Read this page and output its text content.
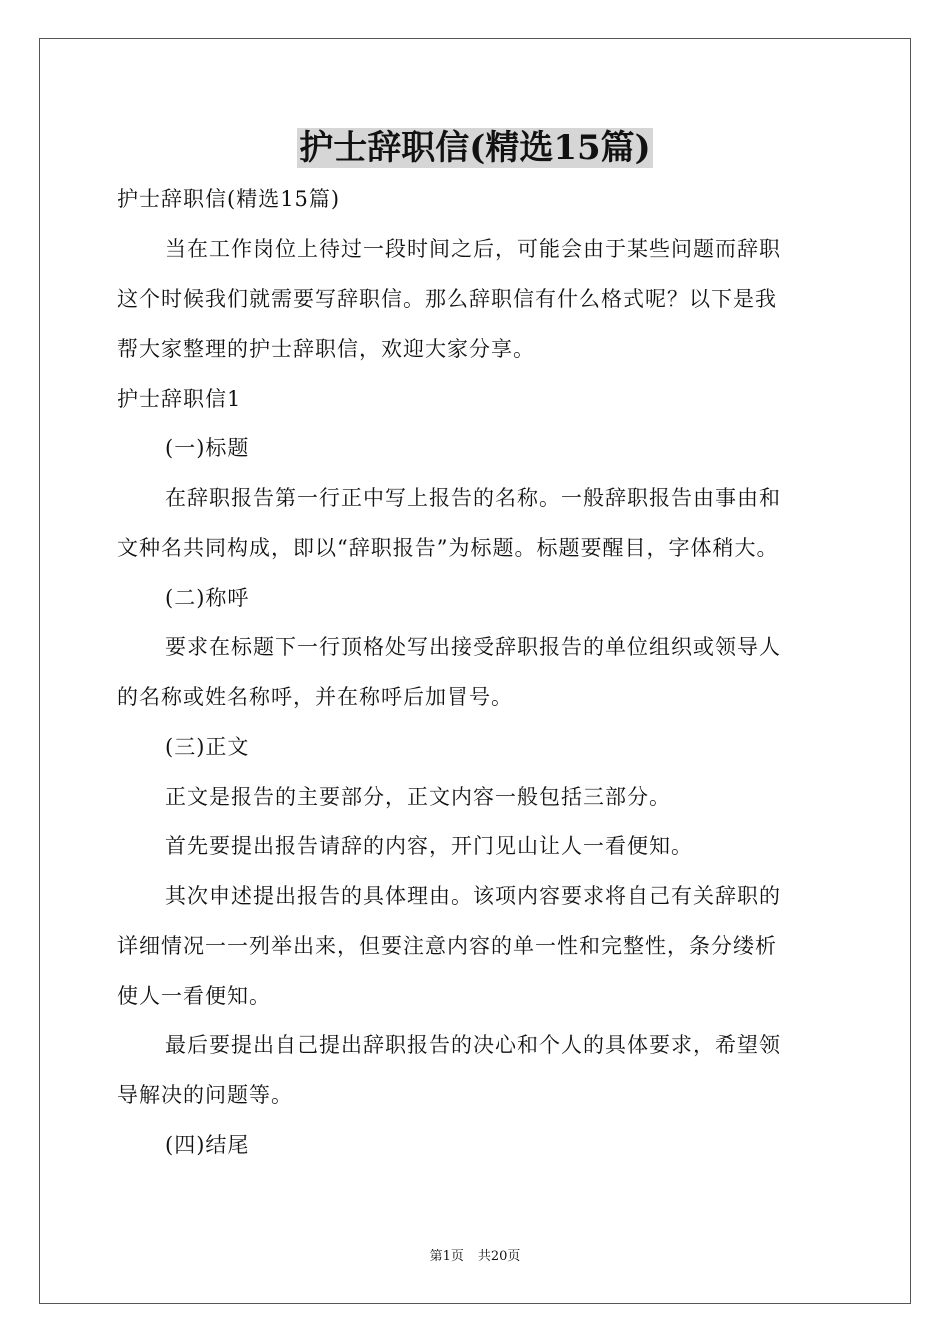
护士辞职信(精选15篇)

护士辞职信(精选15篇)

当在工作岗位上待过一段时间之后，可能会由于某些问题而辞职

这个时候我们就需要写辞职信。那么辞职信有什么格式呢？以下是我

帮大家整理的护士辞职信，欢迎大家分享。

护士辞职信1

(一)标题

在辞职报告第一行正中写上报告的名称。一般辞职报告由事由和

文种名共同构成，即以“辞职报告”为标题。标题要醒目，字体稍大。

(二)称呼

要求在标题下一行顶格处写出接受辞职报告的单位组织或领导人

的名称或姓名称呼，并在称呼后加冒号。

(三)正文

正文是报告的主要部分，正文内容一般包括三部分。

首先要提出报告请辞的内容，开门见山让人一看便知。

其次申述提出报告的具体理由。该项内容要求将自己有关辞职的

详细情况一一列举出来，但要注意内容的单一性和完整性，条分缕析

使人一看便知。

最后要提出自己提出辞职报告的决心和个人的具体要求，希望领

导解决的问题等。

(四)结尾

第1页 共20页
